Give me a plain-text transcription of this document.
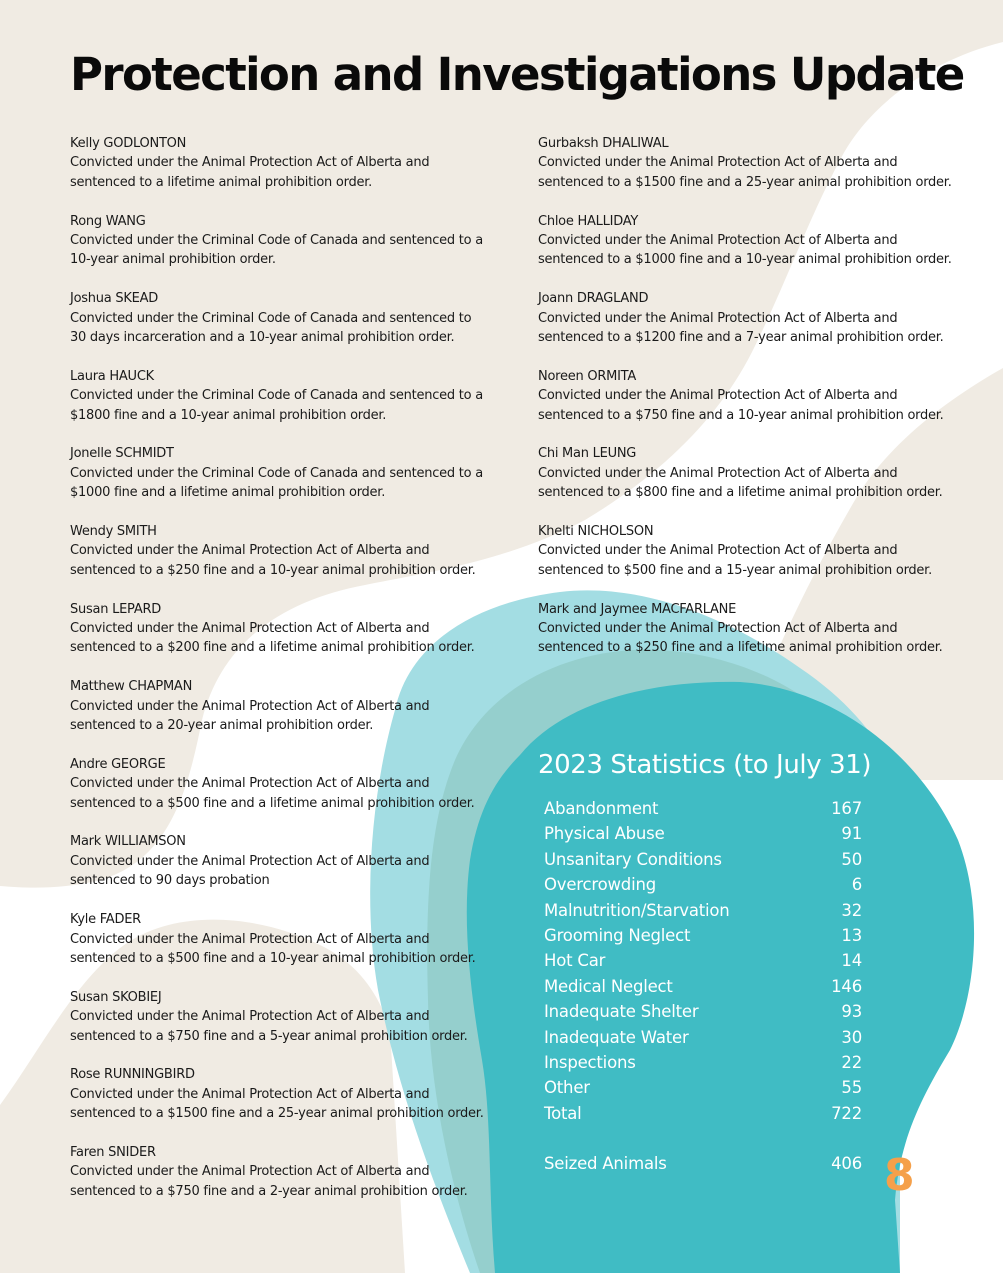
Protection and Investigations Update
Kelly GODLONTON
Convicted under the Animal Protection Act of Alberta and sentenced to a lifetime animal prohibition order.
Rong WANG
Convicted under the Criminal Code of Canada and sentenced to a 10-year animal prohibition order.
Joshua SKEAD
Convicted under the Criminal Code of Canada and sentenced to 30 days incarceration and a 10-year animal prohibition order.
Laura HAUCK
Convicted under the Criminal Code of Canada and sentenced to a $1800 fine and a 10-year animal prohibition order.
Jonelle SCHMIDT
Convicted under the Criminal Code of Canada and sentenced to a $1000 fine and a lifetime animal prohibition order.
Wendy SMITH
Convicted under the Animal Protection Act of Alberta and sentenced to a $250 fine and a 10-year animal prohibition order.
Susan LEPARD
Convicted under the Animal Protection Act of Alberta and sentenced to a $200 fine and a lifetime animal prohibition order.
Matthew CHAPMAN
Convicted under the Animal Protection Act of Alberta and sentenced to a 20-year animal prohibition order.
Andre GEORGE
Convicted under the Animal Protection Act of Alberta and sentenced to a $500 fine and a lifetime animal prohibition order.
Mark WILLIAMSON
Convicted under the Animal Protection Act of Alberta and sentenced to 90 days probation
Kyle FADER
Convicted under the Animal Protection Act of Alberta and sentenced to a $500 fine and a 10-year animal prohibition order.
Susan SKOBIEJ
Convicted under the Animal Protection Act of Alberta and sentenced to a $750 fine and a 5-year animal prohibition order.
Rose RUNNINGBIRD
Convicted under the Animal Protection Act of Alberta and sentenced to a $1500 fine and a 25-year animal prohibition order.
Faren SNIDER
Convicted under the Animal Protection Act of Alberta and sentenced to a $750 fine and a 2-year animal prohibition order.
Gurbaksh DHALIWAL
Convicted under the Animal Protection Act of Alberta and sentenced to a $1500 fine and a 25-year animal prohibition order.
Chloe HALLIDAY
Convicted under the Animal Protection Act of Alberta and sentenced to a $1000 fine and a 10-year animal prohibition order.
Joann DRAGLAND
Convicted under the Animal Protection Act of Alberta and sentenced to a $1200 fine and a 7-year animal prohibition order.
Noreen ORMITA
Convicted under the Animal Protection Act of Alberta and sentenced to a $750 fine and a 10-year animal prohibition order.
Chi Man LEUNG
Convicted under the Animal Protection Act of Alberta and sentenced to a $800 fine and a lifetime animal prohibition order.
Khelti NICHOLSON
Convicted under the Animal Protection Act of Alberta and sentenced to $500 fine and a 15-year animal prohibition order.
Mark and Jaymee MACFARLANE
Convicted under the Animal Protection Act of Alberta and sentenced to a $250 fine and a lifetime animal prohibition order.
2023 Statistics (to July 31)
Abandonment	167
Physical Abuse	91
Unsanitary Conditions	50
Overcrowding	6
Malnutrition/Starvation	32
Grooming Neglect	13
Hot Car	14
Medical Neglect	146
Inadequate Shelter	93
Inadequate Water	30
Inspections	22
Other	55
Total	722
Seized Animals	406 8
